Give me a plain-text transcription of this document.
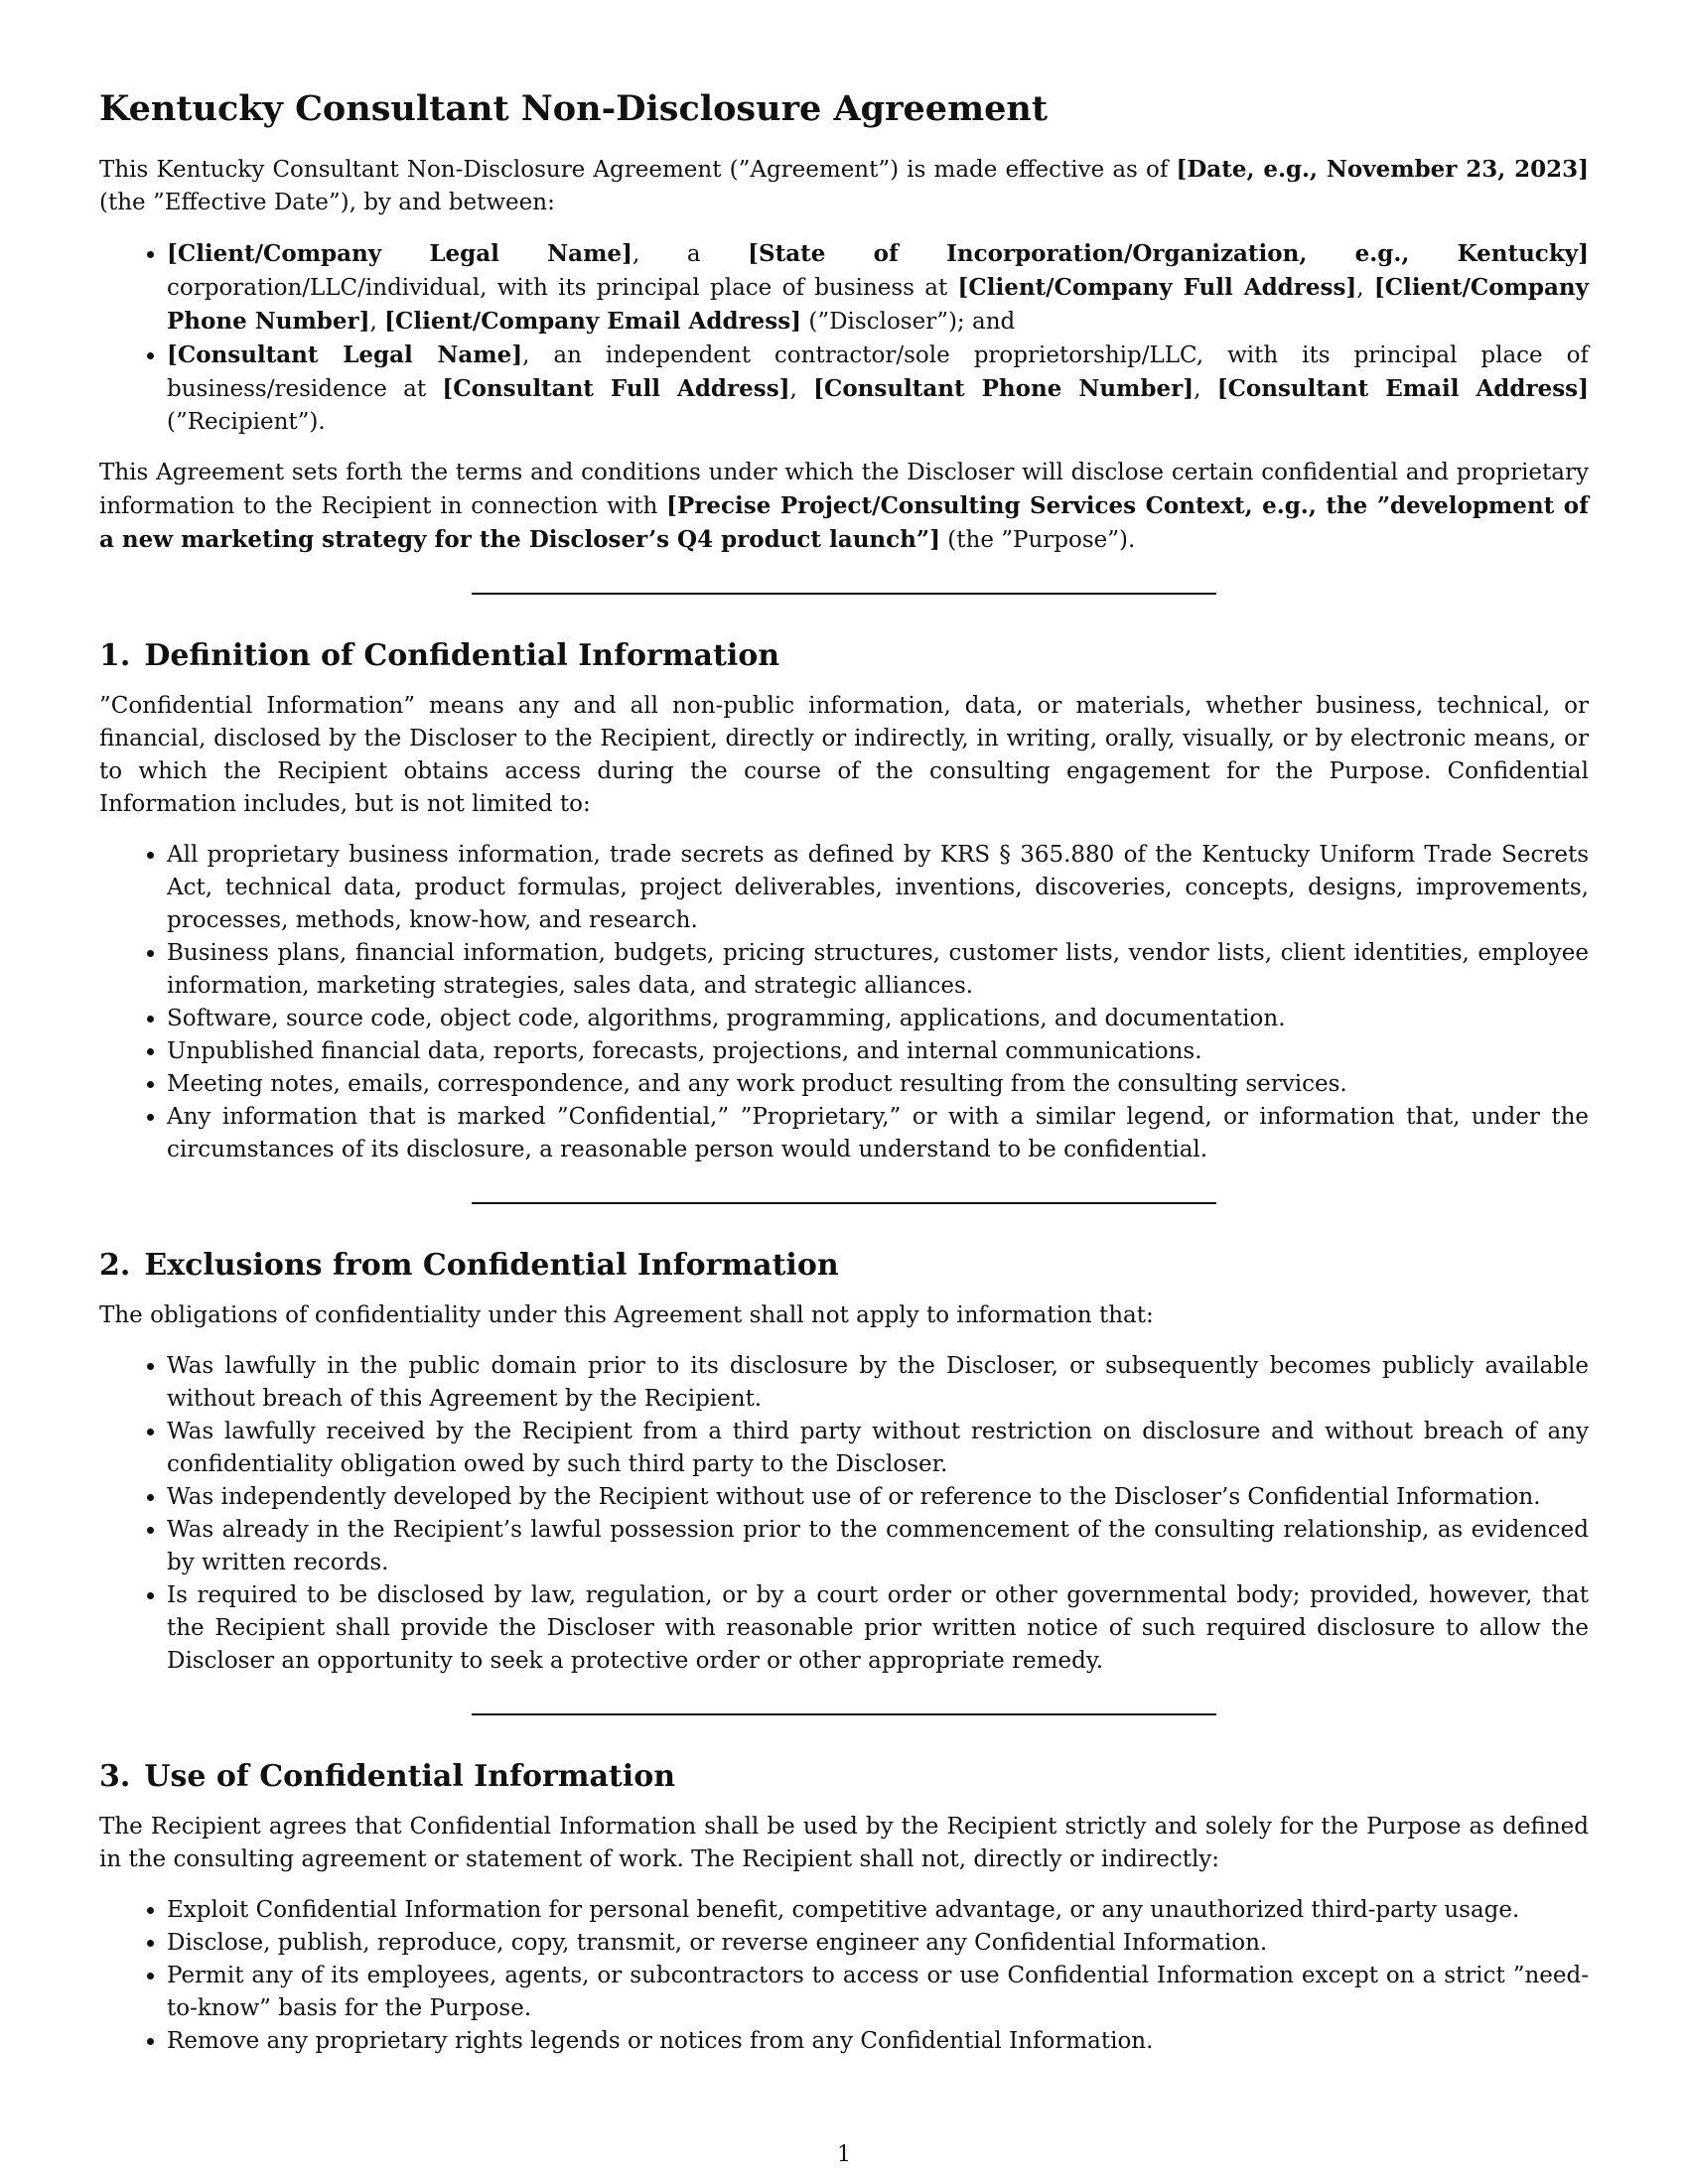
Kentucky Consultant Non-Disclosure Agreement

This Kentucky Consultant Non-Disclosure Agreement (”Agreement”) is made effective as of [Date, e.g., November 23, 2023] (the ”Effective Date”), by and between:

• [Client/Company Legal Name], a [State of Incorporation/Organization, e.g., Kentucky] corporation/LLC/individual, with its principal place of business at [Client/Company Full Address], [Client/Company Phone Number], [Client/Company Email Address] (”Discloser”); and
• [Consultant Legal Name], an independent contractor/sole proprietorship/LLC, with its principal place of business/residence at [Consultant Full Address], [Consultant Phone Number], [Consultant Email Address] (”Recipient”).

This Agreement sets forth the terms and conditions under which the Discloser will disclose certain confidential and proprietary information to the Recipient in connection with [Precise Project/Consulting Services Context, e.g., the ”development of a new marketing strategy for the Discloser’s Q4 product launch”] (the ”Purpose”).

1. Definition of Confidential Information

”Confidential Information” means any and all non-public information, data, or materials, whether business, technical, or financial, disclosed by the Discloser to the Recipient, directly or indirectly, in writing, orally, visually, or by electronic means, or to which the Recipient obtains access during the course of the consulting engagement for the Purpose. Confidential Information includes, but is not limited to:

• All proprietary business information, trade secrets as defined by KRS § 365.880 of the Kentucky Uniform Trade Secrets Act, technical data, product formulas, project deliverables, inventions, discoveries, concepts, designs, improvements, processes, methods, know-how, and research.
• Business plans, financial information, budgets, pricing structures, customer lists, vendor lists, client identities, employee information, marketing strategies, sales data, and strategic alliances.
• Software, source code, object code, algorithms, programming, applications, and documentation.
• Unpublished financial data, reports, forecasts, projections, and internal communications.
• Meeting notes, emails, correspondence, and any work product resulting from the consulting services.
• Any information that is marked ”Confidential,” ”Proprietary,” or with a similar legend, or information that, under the circumstances of its disclosure, a reasonable person would understand to be confidential.
2. Exclusions from Confidential Information

The obligations of confidentiality under this Agreement shall not apply to information that:

• Was lawfully in the public domain prior to its disclosure by the Discloser, or subsequently becomes publicly available without breach of this Agreement by the Recipient.
• Was lawfully received by the Recipient from a third party without restriction on disclosure and without breach of any confidentiality obligation owed by such third party to the Discloser.
• Was independently developed by the Recipient without use of or reference to the Discloser’s Confidential Information.
• Was already in the Recipient’s lawful possession prior to the commencement of the consulting relationship, as evidenced by written records.
• Is required to be disclosed by law, regulation, or by a court order or other governmental body; provided, however, that the Recipient shall provide the Discloser with reasonable prior written notice of such required disclosure to allow the Discloser an opportunity to seek a protective order or other appropriate remedy.
3. Use of Confidential Information

The Recipient agrees that Confidential Information shall be used by the Recipient strictly and solely for the Purpose as defined in the consulting agreement or statement of work. The Recipient shall not, directly or indirectly:

• Exploit Confidential Information for personal benefit, competitive advantage, or any unauthorized third-party usage.
• Disclose, publish, reproduce, copy, transmit, or reverse engineer any Confidential Information.
• Permit any of its employees, agents, or subcontractors to access or use Confidential Information except on a strict ”need-to-know” basis for the Purpose.
• Remove any proprietary rights legends or notices from any Confidential Information.
1
